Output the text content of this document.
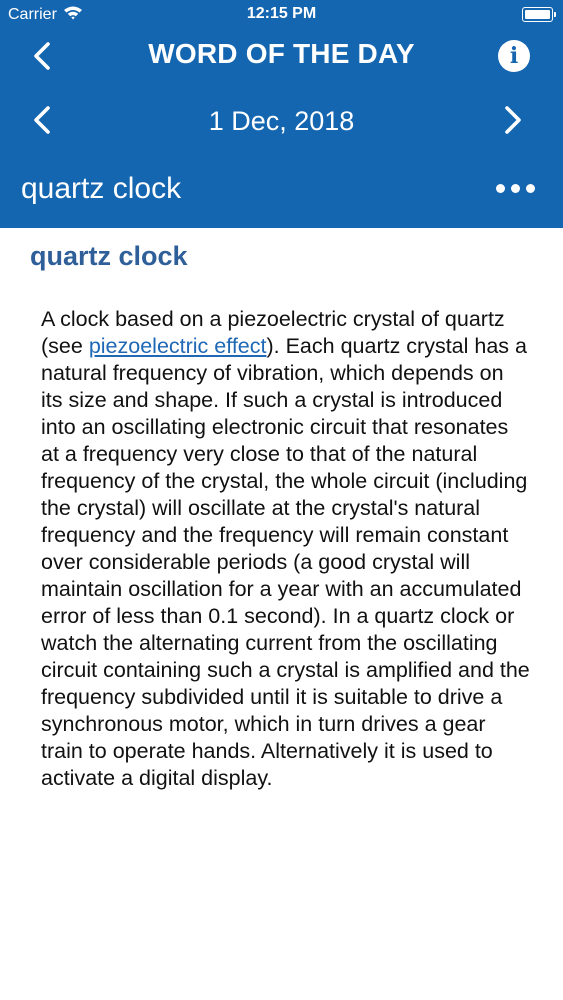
Carrier	12:15 PM
WORD OF THE DAY	i
1 Dec, 2018
quartz clock
quartz clock

A clock based on a piezoelectric crystal of quartz (see piezoelectric effect). Each quartz crystal has a natural frequency of vibration, which depends on its size and shape. If such a crystal is introduced into an oscillating electronic circuit that resonates at a frequency very close to that of the natural frequency of the crystal, the whole circuit (including the crystal) will oscillate at the crystal's natural frequency and the frequency will remain constant over considerable periods (a good crystal will maintain oscillation for a year with an accumulated error of less than 0.1 second). In a quartz clock or watch the alternating current from the oscillating circuit containing such a crystal is amplified and the frequency subdivided until it is suitable to drive a synchronous motor, which in turn drives a gear train to operate hands. Alternatively it is used to activate a digital display.
